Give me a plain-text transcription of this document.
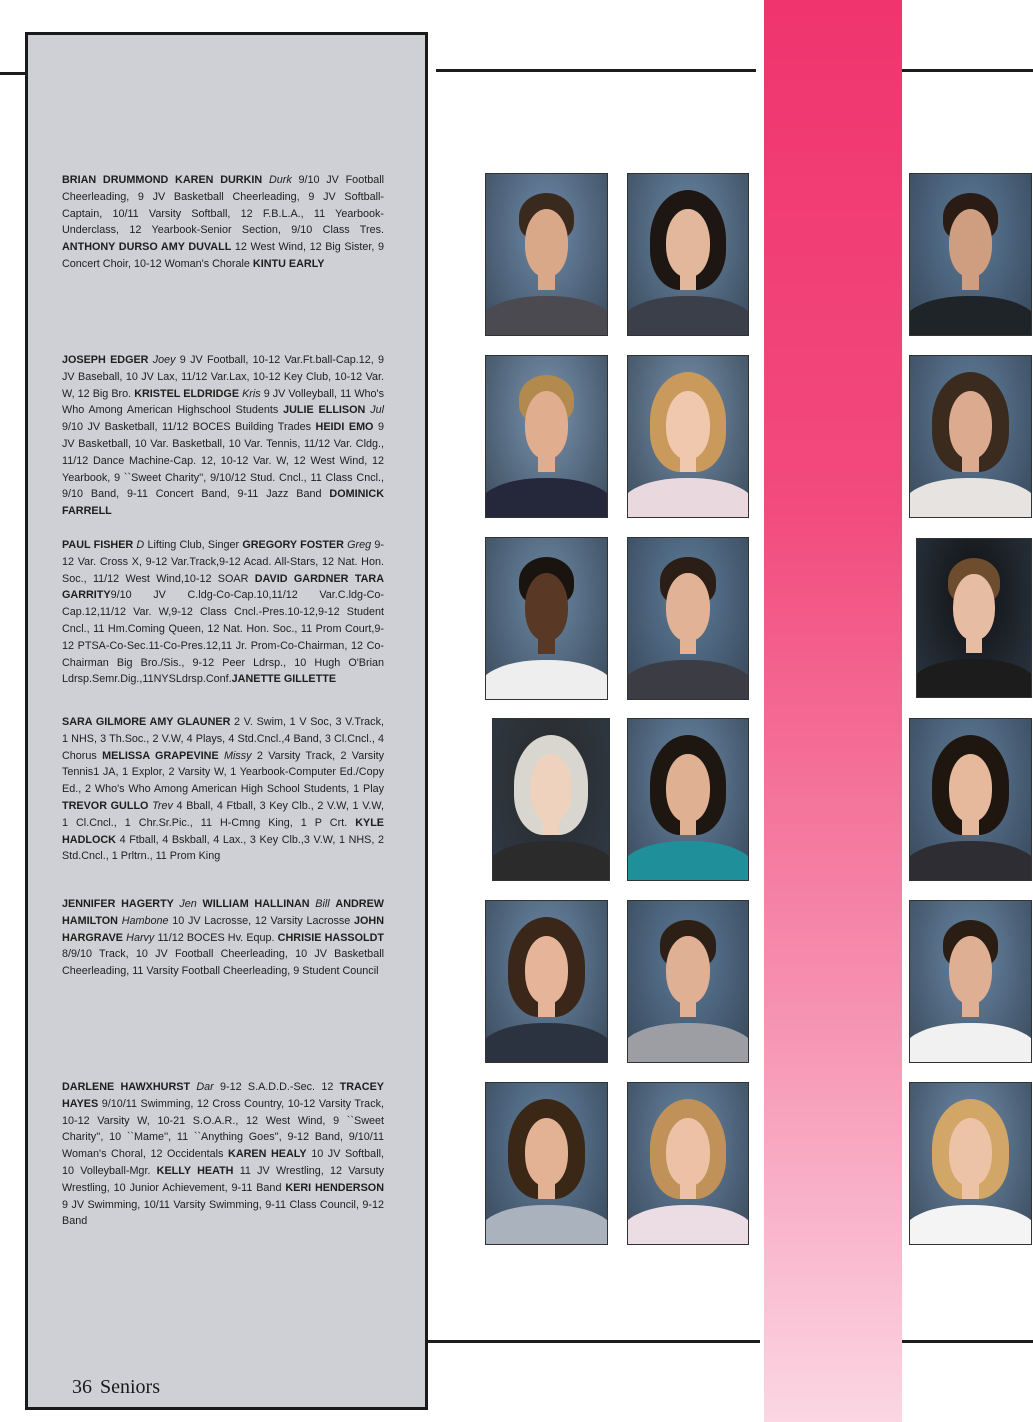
BRIAN DRUMMOND KAREN DURKIN Durk 9/10 JV Football Cheerleading, 9 JV Basketball Cheerleading, 9 JV Softball-Captain, 10/11 Varsity Softball, 12 F.B.L.A., 11 Yearbook-Underclass, 12 Yearbook-Senior Section, 9/10 Class Tres. ANTHONY DURSO AMY DUVALL 12 West Wind, 12 Big Sister, 9 Concert Choir, 10-12 Woman's Chorale KINTU EARLY
JOSEPH EDGER Joey 9 JV Football, 10-12 Var.Ft.ball-Cap.12, 9 JV Baseball, 10 JV Lax, 11/12 Var.Lax, 10-12 Key Club, 10-12 Var. W, 12 Big Bro. KRISTEL ELDRIDGE Kris 9 JV Volleyball, 11 Who's Who Among American Highschool Students JULIE ELLISON Jul 9/10 JV Basketball, 11/12 BOCES Building Trades HEIDI EMO 9 JV Basketball, 10 Var. Basketball, 10 Var. Tennis, 11/12 Var. Cldg., 11/12 Dance Machine-Cap. 12, 10-12 Var. W, 12 West Wind, 12 Yearbook, 9 ``Sweet Charity'', 9/10/12 Stud. Cncl., 11 Class Cncl., 9/10 Band, 9-11 Concert Band, 9-11 Jazz Band DOMINICK FARRELL
PAUL FISHER D Lifting Club, Singer GREGORY FOSTER Greg 9-12 Var. Cross X, 9-12 Var.Track,9-12 Acad. All-Stars, 12 Nat. Hon. Soc., 11/12 West Wind,10-12 SOAR DAVID GARDNER TARA GARRITY9/10 JV C.ldg-Co-Cap.10,11/12 Var.C.ldg-Co-Cap.12,11/12 Var. W,9-12 Class Cncl.-Pres.10-12,9-12 Student Cncl., 11 Hm.Coming Queen, 12 Nat. Hon. Soc., 11 Prom Court,9-12 PTSA-Co-Sec.11-Co-Pres.12,11 Jr. Prom-Co-Chairman, 12 Co-Chairman Big Bro./Sis., 9-12 Peer Ldrsp., 10 Hugh O'Brian Ldrsp.Semr.Dig.,11NYSLdrsp.Conf.JANETTE GILLETTE
SARA GILMORE AMY GLAUNER 2 V. Swim, 1 V Soc, 3 V.Track, 1 NHS, 3 Th.Soc., 2 V.W, 4 Plays, 4 Std.Cncl.,4 Band, 3 Cl.Cncl., 4 Chorus MELISSA GRAPEVINE Missy 2 Varsity Track, 2 Varsity Tennis1 JA, 1 Explor, 2 Varsity W, 1 Yearbook-Computer Ed./Copy Ed., 2 Who's Who Among American High School Students, 1 Play TREVOR GULLO Trev 4 Bball, 4 Ftball, 3 Key Clb., 2 V.W, 1 V.W, 1 Cl.Cncl., 1 Chr.Sr.Pic., 11 H-Cmng King, 1 P Crt. KYLE HADLOCK 4 Ftball, 4 Bskball, 4 Lax., 3 Key Clb.,3 V.W, 1 NHS, 2 Std.Cncl., 1 Prltrn., 11 Prom King
JENNIFER HAGERTY Jen WILLIAM HALLINAN Bill ANDREW HAMILTON Hambone 10 JV Lacrosse, 12 Varsity Lacrosse JOHN HARGRAVE Harvy 11/12 BOCES Hv. Equp. CHRISIE HASSOLDT 8/9/10 Track, 10 JV Football Cheerleading, 10 JV Basketball Cheerleading, 11 Varsity Football Cheerleading, 9 Student Council
DARLENE HAWXHURST Dar 9-12 S.A.D.D.-Sec. 12 TRACEY HAYES 9/10/11 Swimming, 12 Cross Country, 10-12 Varsity Track, 10-12 Varsity W, 10-21 S.O.A.R., 12 West Wind, 9 ``Sweet Charity'', 10 ``Mame'', 11 ``Anything Goes'', 9-12 Band, 9/10/11 Woman's Choral, 12 Occidentals KAREN HEALY 10 JV Softball, 10 Volleyball-Mgr. KELLY HEATH 11 JV Wrestling, 12 Varsuty Wrestling, 10 Junior Achievement, 9-11 Band KERI HENDERSON 9 JV Swimming, 10/11 Varsity Swimming, 9-11 Class Council, 9-12 Band
36 Seniors
